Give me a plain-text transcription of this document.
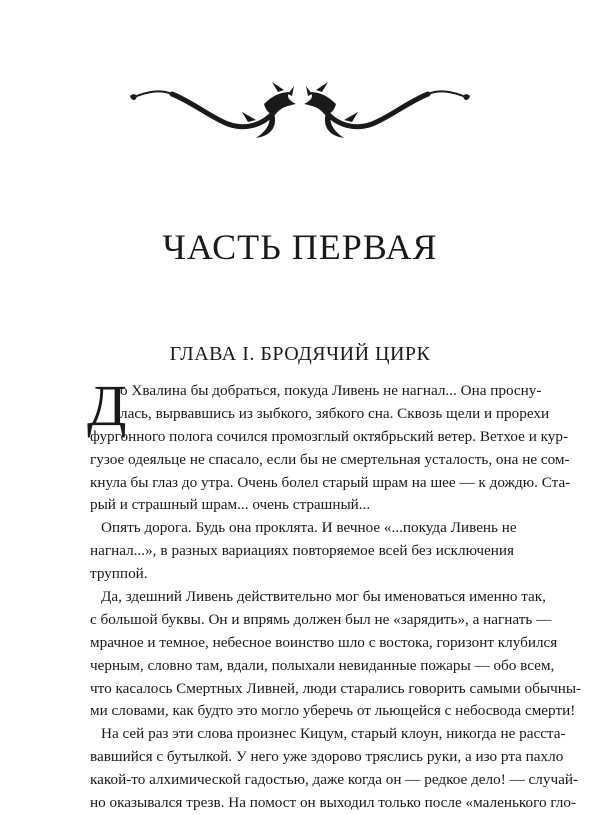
ЧАСТЬ ПЕРВАЯ
ГЛАВА I. БРОДЯЧИЙ ЦИРК
Д
о Хвалина бы добраться, покуда Ливень не нагнал... Она просну-
лась, вырвавшись из зыбкого, зябкого сна. Сквозь щели и прорехи
фургонного полога сочился промозглый октябрьский ветер. Ветхое и кур-
гузое одеяльце не спасало, если бы не смертельная усталость, она не сом-
кнула бы глаз до утра. Очень болел старый шрам на шее — к дождю. Ста-
рый и страшный шрам... очень страшный...
Опять дорога. Будь она проклята. И вечное «...покуда Ливень не
нагнал...», в разных вариациях повторяемое всей без исключения
труппой.
Да, здешний Ливень действительно мог бы именоваться именно так,
с большой буквы. Он и впрямь должен был не «зарядить», а нагнать —
мрачное и темное, небесное воинство шло с востока, горизонт клубился
черным, словно там, вдали, полыхали невиданные пожары — обо всем,
что касалось Смертных Ливней, люди старались говорить самыми обычны-
ми словами, как будто это могло уберечь от льющейся с небосвода смерти!
На сей раз эти слова произнес Кицум, старый клоун, никогда не расста-
вавшийся с бутылкой. У него уже здорово тряслись руки, а изо рта пахло
какой-то алхимической гадостью, даже когда он — редкое дело! — случай-
но оказывался трезв. На помост он выходил только после «маленького гло-
